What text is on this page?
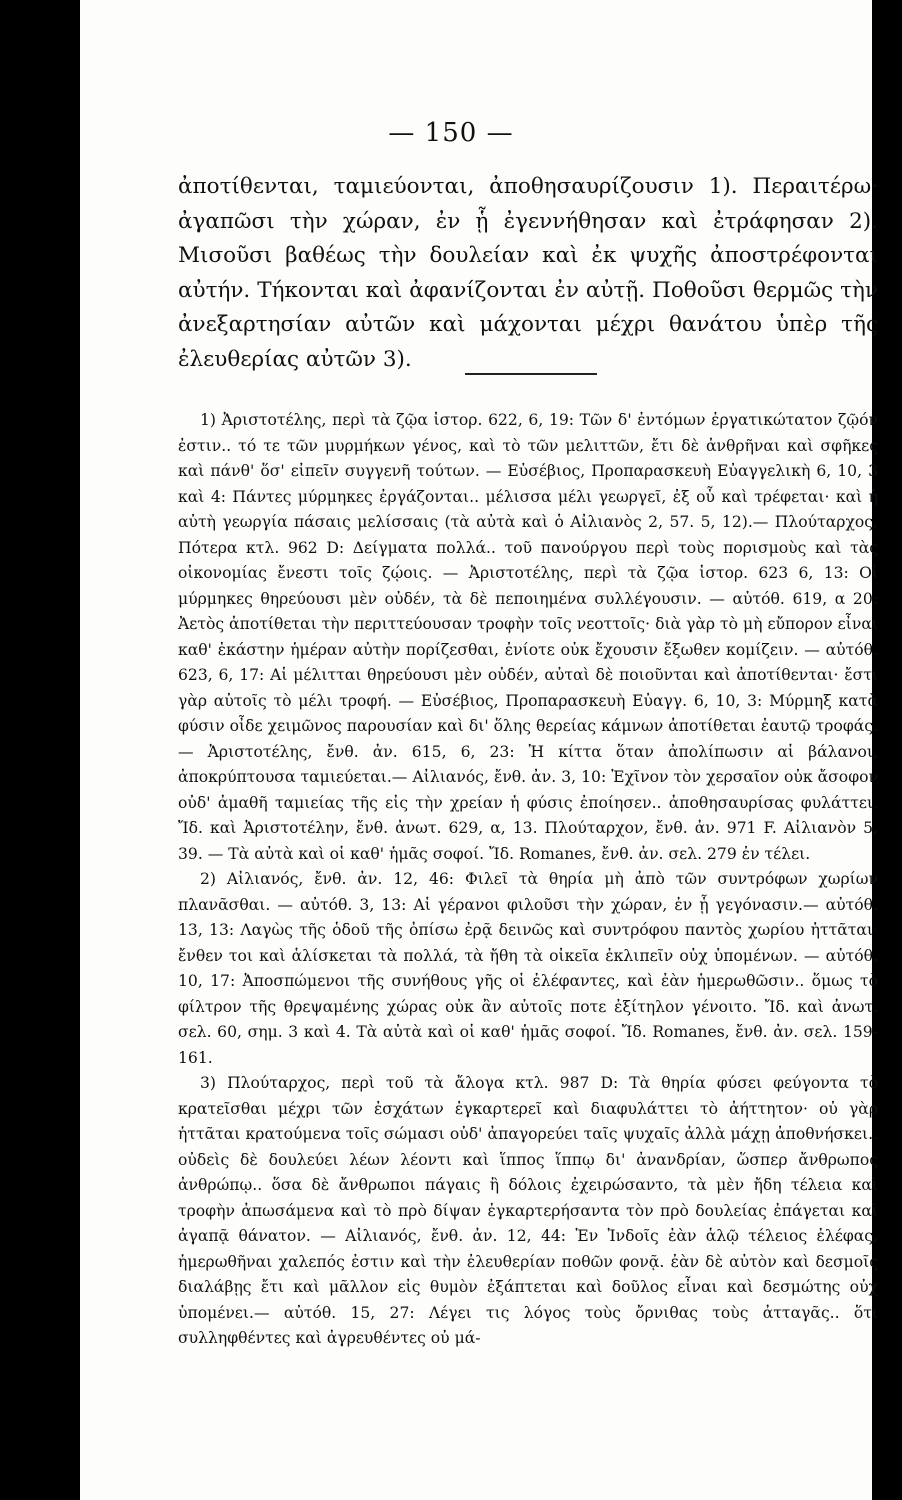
— 150 —

ἀποτίθενται, ταμιεύονται, ἀποθησαυρίζουσιν 1). Περαιτέρω· ἀγαπῶσι τὴν χώραν, ἐν ᾗ ἐγεννήθησαν καὶ ἐτράφησαν 2). Μισοῦσι βαθέως τὴν δουλείαν καὶ ἐκ ψυχῆς ἀποστρέφονται αὐτήν. Τήκονται καὶ ἀφανίζονται ἐν αὐτῇ. Ποθοῦσι θερμῶς τὴν ἀνεξαρτησίαν αὐτῶν καὶ μάχονται μέχρι θανάτου ὑπὲρ τῆς ἐλευθερίας αὐτῶν 3).

1) Ἀριστοτέλης, περὶ τὰ ζῷα ἱστορ. 622, 6, 19: Τῶν δ' ἐντόμων ἐργατικώτατον ζῷόν ἐστιν.. τό τε τῶν μυρμήκων γένος, καὶ τὸ τῶν μελιττῶν, ἔτι δὲ ἀνθρῆναι καὶ σφῆκες καὶ πάνθ' ὅσ' εἰπεῖν συγγενῆ τούτων. — Εὐσέβιος, Προπαρασκευὴ Εὐαγγελικὴ 6, 10, 3 καὶ 4: Πάντες μύρμηκες ἐργάζονται.. μέλισσα μέλι γεωργεῖ, ἐξ οὗ καὶ τρέφεται· καὶ ἡ αὐτὴ γεωργία πάσαις μελίσσαις (τὰ αὐτὰ καὶ ὁ Αἰλιανὸς 2, 57. 5, 12).— Πλούταρχος, Πότερα κτλ. 962 D: Δείγματα πολλά.. τοῦ πανούργου περὶ τοὺς πορισμοὺς καὶ τὰς οἰκονομίας ἔνεστι τοῖς ζῴοις. — Ἀριστοτέλης, περὶ τὰ ζῷα ἱστορ. 623 6, 13: Οἱ μύρμηκες θηρεύουσι μὲν οὐδέν, τὰ δὲ πεποιημένα συλλέγουσιν. — αὐτόθ. 619, α 20: Ἀετὸς ἀποτίθεται τὴν περιττεύουσαν τροφὴν τοῖς νεοττοῖς· διὰ γὰρ τὸ μὴ εὔπορον εἶναι καθ' ἑκάστην ἡμέραν αὐτὴν πορίζεσθαι, ἐνίοτε οὐκ ἔχουσιν ἔξωθεν κομίζειν. — αὐτόθ. 623, 6, 17: Αἱ μέλιτται θηρεύουσι μὲν οὐδέν, αὐταὶ δὲ ποιοῦνται καὶ ἀποτίθενται· ἔστι γὰρ αὐτοῖς τὸ μέλι τροφή. — Εὐσέβιος, Προπαρασκευὴ Εὐαγγ. 6, 10, 3: Μύρμηξ κατὰ φύσιν οἶδε χειμῶνος παρουσίαν καὶ δι' ὅλης θερείας κάμνων ἀποτίθεται ἑαυτῷ τροφάς. — Ἀριστοτέλης, ἔνθ. ἀν. 615, 6, 23: Ἡ κίττα ὅταν ἀπολίπωσιν αἱ βάλανοι, ἀποκρύπτουσα ταμιεύεται.— Αἰλιανός, ἔνθ. ἀν. 3, 10: Ἐχῖνον τὸν χερσαῖον οὐκ ἄσοφον οὐδ' ἀμαθῆ ταμιείας τῆς εἰς τὴν χρείαν ἡ φύσις ἐποίησεν.. ἀποθησαυρίσας φυλάττει. Ἴδ. καὶ Ἀριστοτέλην, ἔνθ. ἀνωτ. 629, α, 13. Πλούταρχον, ἔνθ. ἀν. 971 F. Αἰλιανὸν 5, 39. — Τὰ αὐτὰ καὶ οἱ καθ' ἡμᾶς σοφοί. Ἴδ. Romanes, ἔνθ. ἀν. σελ. 279 ἐν τέλει.

2) Αἰλιανός, ἔνθ. ἀν. 12, 46: Φιλεῖ τὰ θηρία μὴ ἀπὸ τῶν συντρόφων χωρίων πλανᾶσθαι. — αὐτόθ. 3, 13: Αἱ γέρανοι φιλοῦσι τὴν χώραν, ἐν ᾗ γεγόνασιν.— αὐτόθ. 13, 13: Λαγὼς τῆς ὁδοῦ τῆς ὀπίσω ἐρᾷ δεινῶς καὶ συντρόφου παντὸς χωρίου ἡττᾶται· ἔνθεν τοι καὶ ἁλίσκεται τὰ πολλά, τὰ ἤθη τὰ οἰκεῖα ἐκλιπεῖν οὐχ ὑπομένων. — αὐτόθ. 10, 17: Ἀποσπώμενοι τῆς συνήθους γῆς οἱ ἐλέφαντες, καὶ ἐὰν ἡμερωθῶσιν.. ὅμως τὸ φίλτρον τῆς θρεψαμένης χώρας οὐκ ἂν αὐτοῖς ποτε ἐξίτηλον γένοιτο. Ἴδ. καὶ ἀνωτ. σελ. 60, σημ. 3 καὶ 4. Τὰ αὐτὰ καὶ οἱ καθ' ἡμᾶς σοφοί. Ἴδ. Romanes, ἔνθ. ἀν. σελ. 159-161.

3) Πλούταρχος, περὶ τοῦ τὰ ἄλογα κτλ. 987 D: Τὰ θηρία φύσει φεύγοντα τὸ κρατεῖσθαι μέχρι τῶν ἐσχάτων ἐγκαρτερεῖ καὶ διαφυλάττει τὸ ἀήττητον· οὐ γὰρ ἡττᾶται κρατούμενα τοῖς σώμασι οὐδ' ἀπαγορεύει ταῖς ψυχαῖς ἀλλὰ μάχῃ ἀποθνήσκει.. οὐδεὶς δὲ δουλεύει λέων λέοντι καὶ ἵππος ἵππῳ δι' ἀνανδρίαν, ὥσπερ ἄνθρωπος ἀνθρώπῳ.. ὅσα δὲ ἄνθρωποι πάγαις ἢ δόλοις ἐχειρώσαντο, τὰ μὲν ἤδη τέλεια καὶ τροφὴν ἀπωσάμενα καὶ τὸ πρὸ δίψαν ἐγκαρτερήσαντα τὸν πρὸ δουλείας ἐπάγεται καὶ ἀγαπᾷ θάνατον. — Αἰλιανός, ἔνθ. ἀν. 12, 44: Ἐν Ἰνδοῖς ἐὰν ἁλῷ τέλειος ἐλέφας, ἡμερωθῆναι χαλεπός ἐστιν καὶ τὴν ἐλευθερίαν ποθῶν φονᾷ. ἐὰν δὲ αὐτὸν καὶ δεσμοῖς διαλάβῃς ἔτι καὶ μᾶλλον εἰς θυμὸν ἐξάπτεται καὶ δοῦλος εἶναι καὶ δεσμώτης οὐχ ὑπομένει.— αὐτόθ. 15, 27: Λέγει τις λόγος τοὺς ὄρνιθας τοὺς ἀτταγᾶς.. ὅτι συλληφθέντες καὶ ἀγρευθέντες οὐ μά-
